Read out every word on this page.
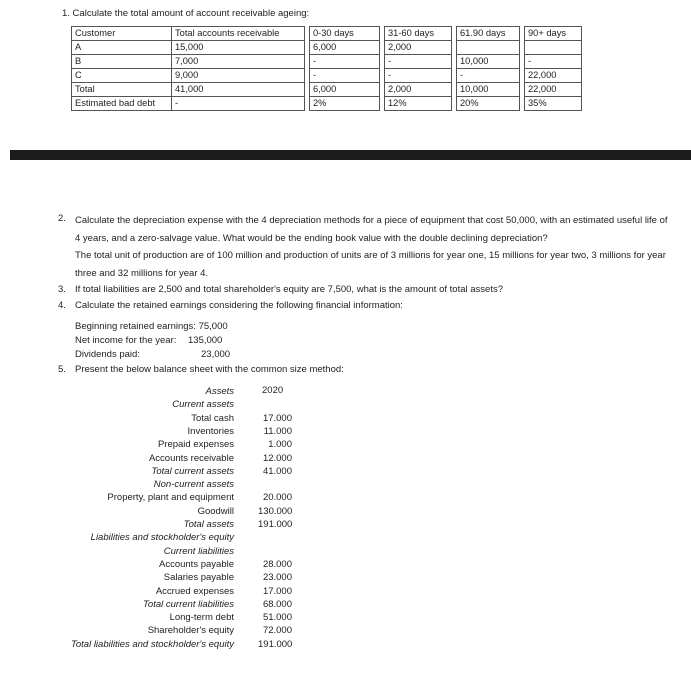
1. Calculate the total amount of account receivable ageing:
Customer	Total accounts receivable		0-30 days		31-60 days		61.90 days		90+ days
A	15,000		6,000		2,000				
B	7,000		-		-		10,000		-
C	9,000		-		-		-		22,000
Total	41,000		6,000		2,000		10,000		22,000
Estimated bad debt	-		2%		12%		20%		35%
2. Calculate the depreciation expense with the 4 depreciation methods for a piece of equipment that cost 50,000, with an estimated useful life of 4 years, and a zero-salvage value. What would be the ending book value with the double declining depreciation?
The total unit of production are of 100 million and production of units are of 3 millions for year one, 15 millions for year two, 3 millions for year three and 32 millions for year 4.
3. If total liabilities are 2,500 and total shareholder's equity are 7,500, what is the amount of total assets?
4. Calculate the retained earnings considering the following financial information:
Beginning retained earnings: 75,000
Net income for the year: 135,000
Dividends paid:	23,000
5. Present the below balance sheet with the common size method:
2020
Assets
Current assets
Total cash	17.000
Inventories	11.000
Prepaid expenses	1.000
Accounts receivable	12.000
Total current assets	41.000
Non-current assets
Property, plant and equipment	20.000
Goodwill	130.000
Total assets	191.000
Liabilities and stockholder's equity
Current liabilities
Accounts payable	28.000
Salaries payable	23.000
Accrued expenses	17.000
Total current liabilities	68.000
Long-term debt	51.000
Shareholder's equity	72.000
Total liabilities and stockholder's equity	191.000
